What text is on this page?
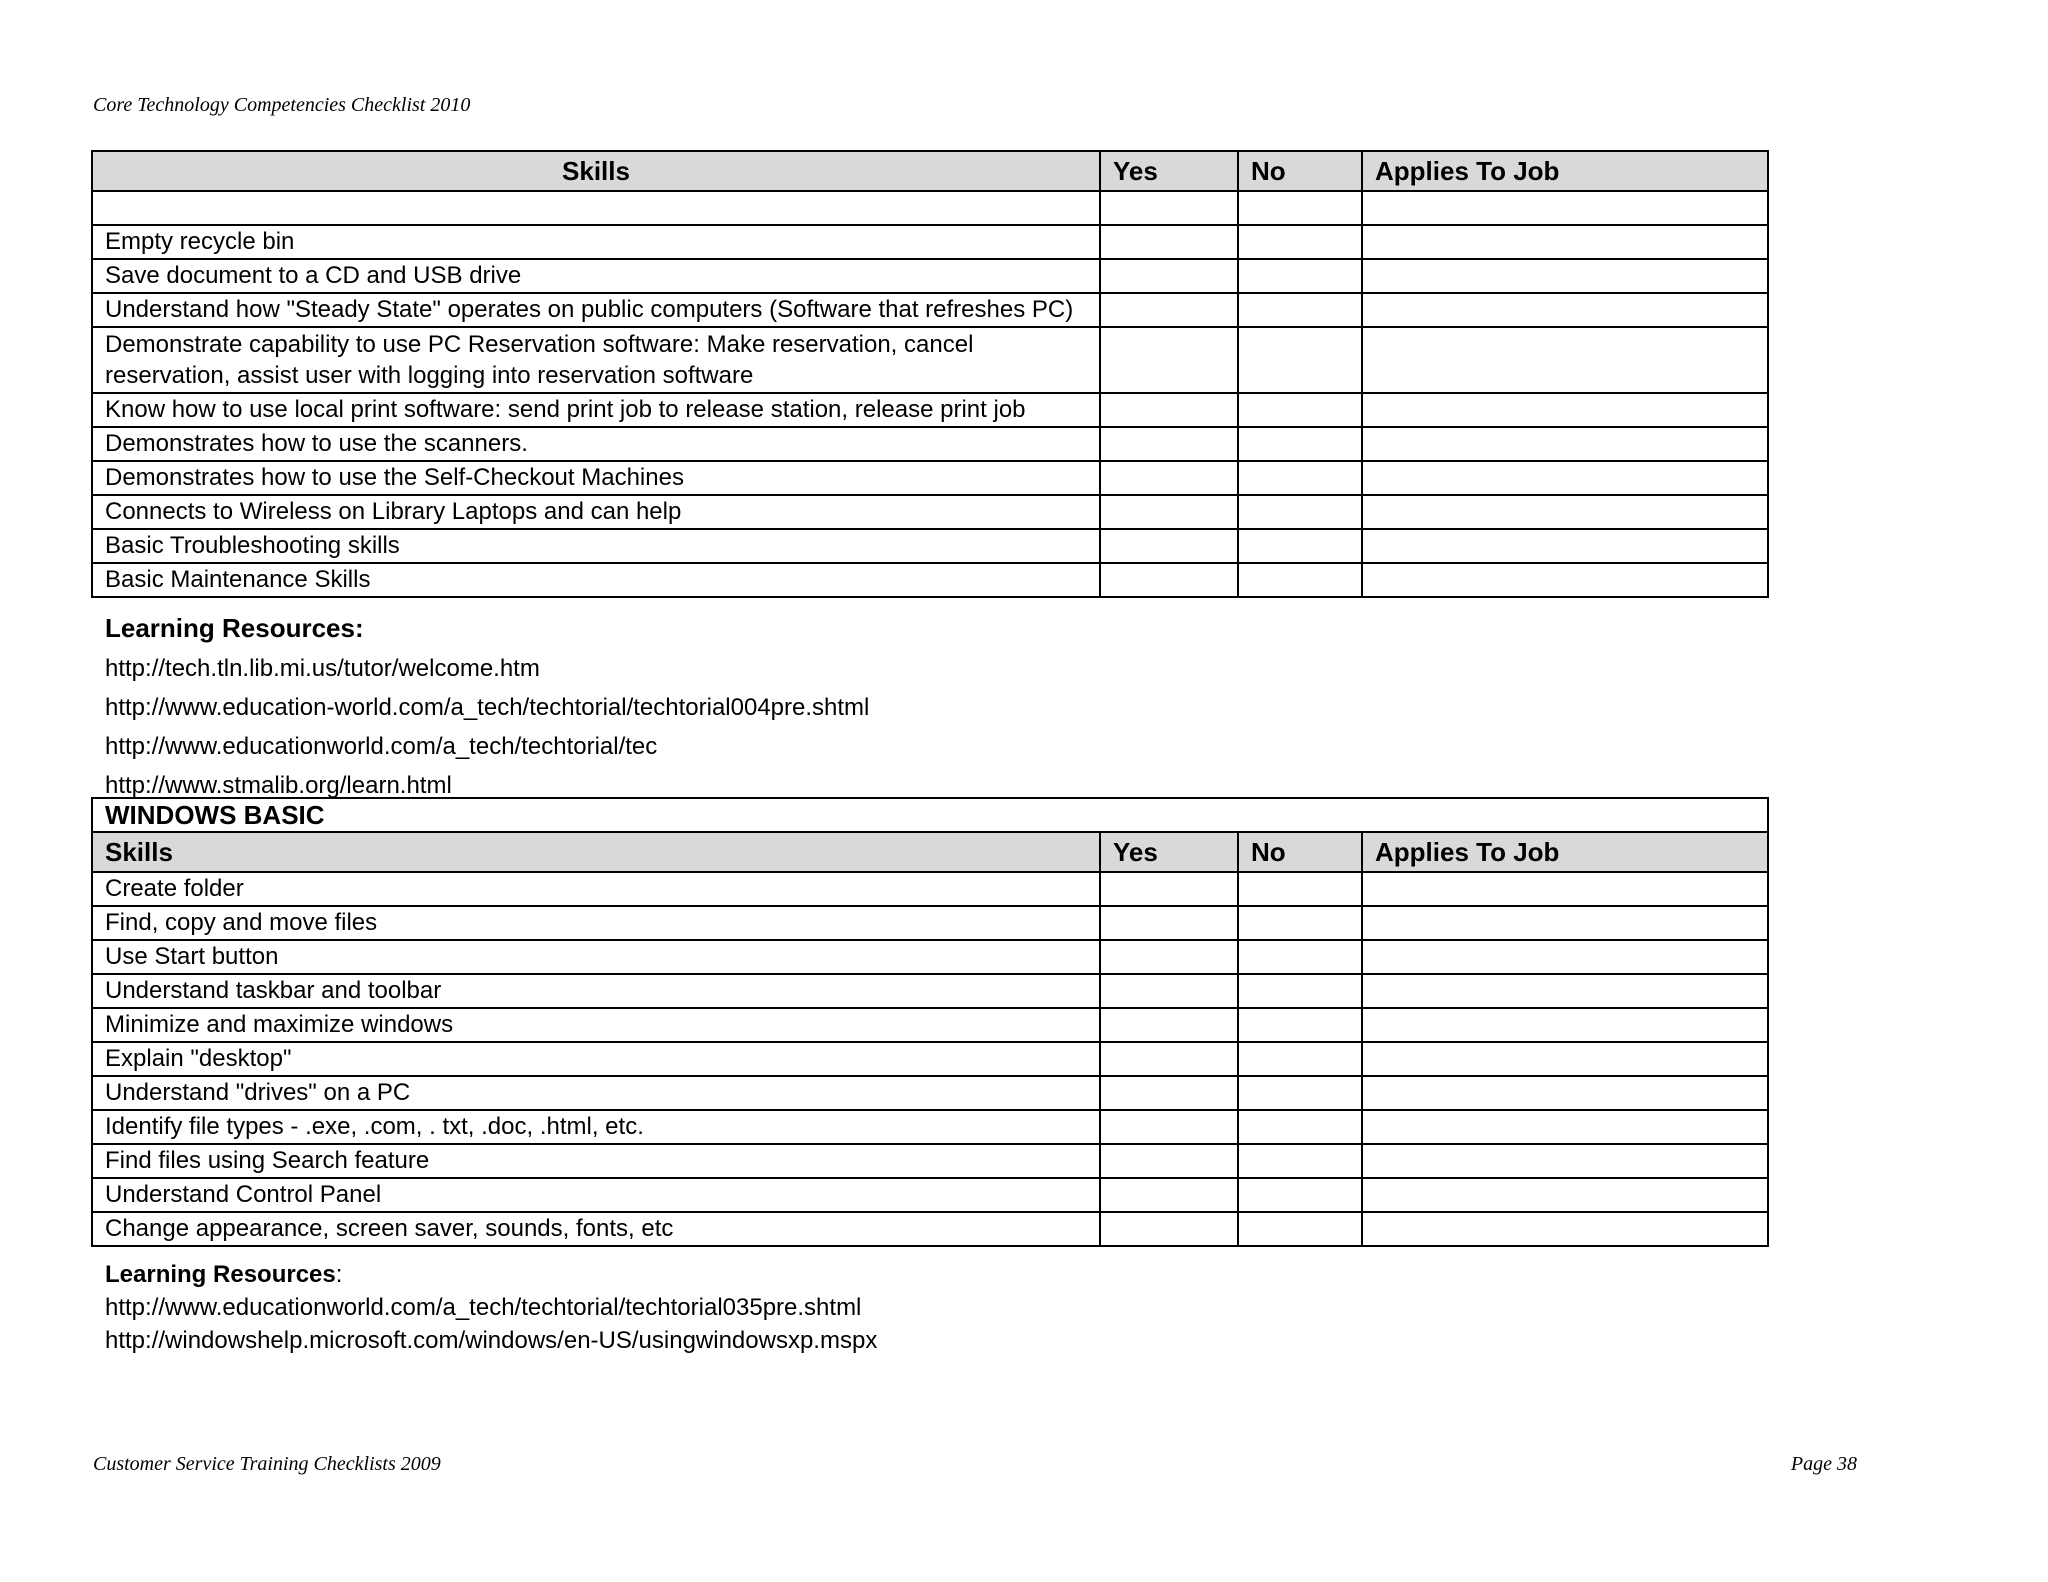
Core Technology Competencies Checklist 2010
Skills	Yes	No	Applies To Job

Empty recycle bin			
Save document to a CD and USB drive			
Understand how "Steady State" operates on public computers (Software that refreshes PC)			
Demonstrate capability to use PC Reservation software: Make reservation, cancel reservation, assist user with logging into reservation software			
Know how to use local print software: send print job to release station, release print job			
Demonstrates how to use the scanners.			
Demonstrates how to use the Self-Checkout Machines			
Connects to Wireless on Library Laptops and can help			
Basic Troubleshooting skills			
Basic Maintenance Skills			
Learning Resources:
http://tech.tln.lib.mi.us/tutor/welcome.htm
http://www.education-world.com/a_tech/techtorial/techtorial004pre.shtml
http://www.educationworld.com/a_tech/techtorial/tec
http://www.stmalib.org/learn.html
WINDOWS BASIC			
Skills	Yes	No	Applies To Job
Create folder			
Find, copy and move files			
Use Start button			
Understand taskbar and toolbar			
Minimize and maximize windows			
Explain "desktop"			
Understand "drives" on a PC			
Identify file types - .exe, .com, . txt, .doc, .html, etc.			
Find files using Search feature			
Understand Control Panel			
Change appearance, screen saver, sounds, fonts, etc			
Learning Resources:
http://www.educationworld.com/a_tech/techtorial/techtorial035pre.shtml
http://windowshelp.microsoft.com/windows/en-US/usingwindowsxp.mspx
Customer Service Training Checklists 2009	Page 38
